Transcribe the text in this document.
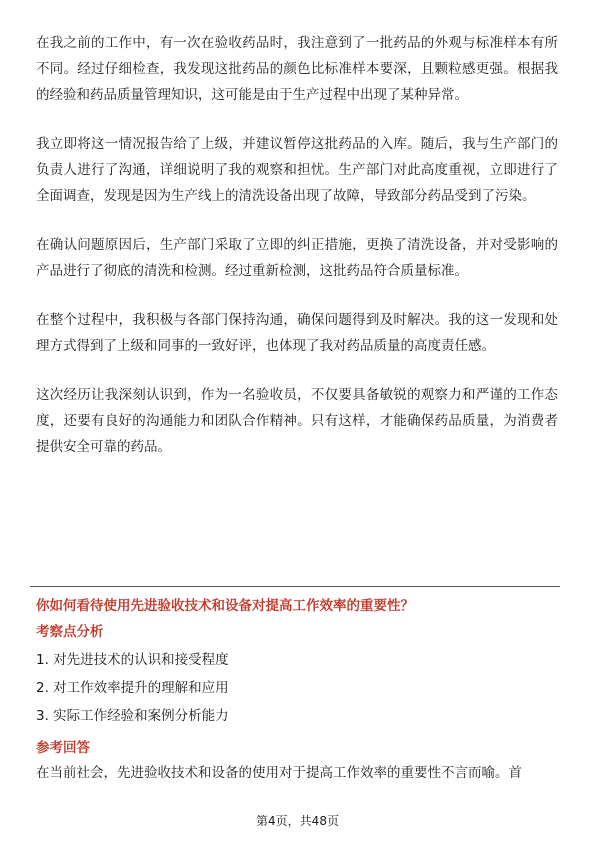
在我之前的工作中，有一次在验收药品时，我注意到了一批药品的外观与标准样本有所不同。经过仔细检查，我发现这批药品的颜色比标准样本要深，且颗粒感更强。根据我的经验和药品质量管理知识，这可能是由于生产过程中出现了某种异常。

我立即将这一情况报告给了上级，并建议暂停这批药品的入库。随后，我与生产部门的负责人进行了沟通，详细说明了我的观察和担忧。生产部门对此高度重视，立即进行了全面调查，发现是因为生产线上的清洗设备出现了故障，导致部分药品受到了污染。

在确认问题原因后，生产部门采取了立即的纠正措施，更换了清洗设备，并对受影响的产品进行了彻底的清洗和检测。经过重新检测，这批药品符合质量标准。

在整个过程中，我积极与各部门保持沟通，确保问题得到及时解决。我的这一发现和处理方式得到了上级和同事的一致好评，也体现了我对药品质量的高度责任感。

这次经历让我深刻认识到，作为一名验收员，不仅要具备敏锐的观察力和严谨的工作态度，还要有良好的沟通能力和团队合作精神。只有这样，才能确保药品质量，为消费者提供安全可靠的药品。

你如何看待使用先进验收技术和设备对提高工作效率的重要性？

考察点分析

1. 对先进技术的认识和接受程度
2. 对工作效率提升的理解和应用
3. 实际工作经验和案例分析能力

参考回答

在当前社会，先进验收技术和设备的使用对于提高工作效率的重要性不言而喻。首

第4页，共48页
